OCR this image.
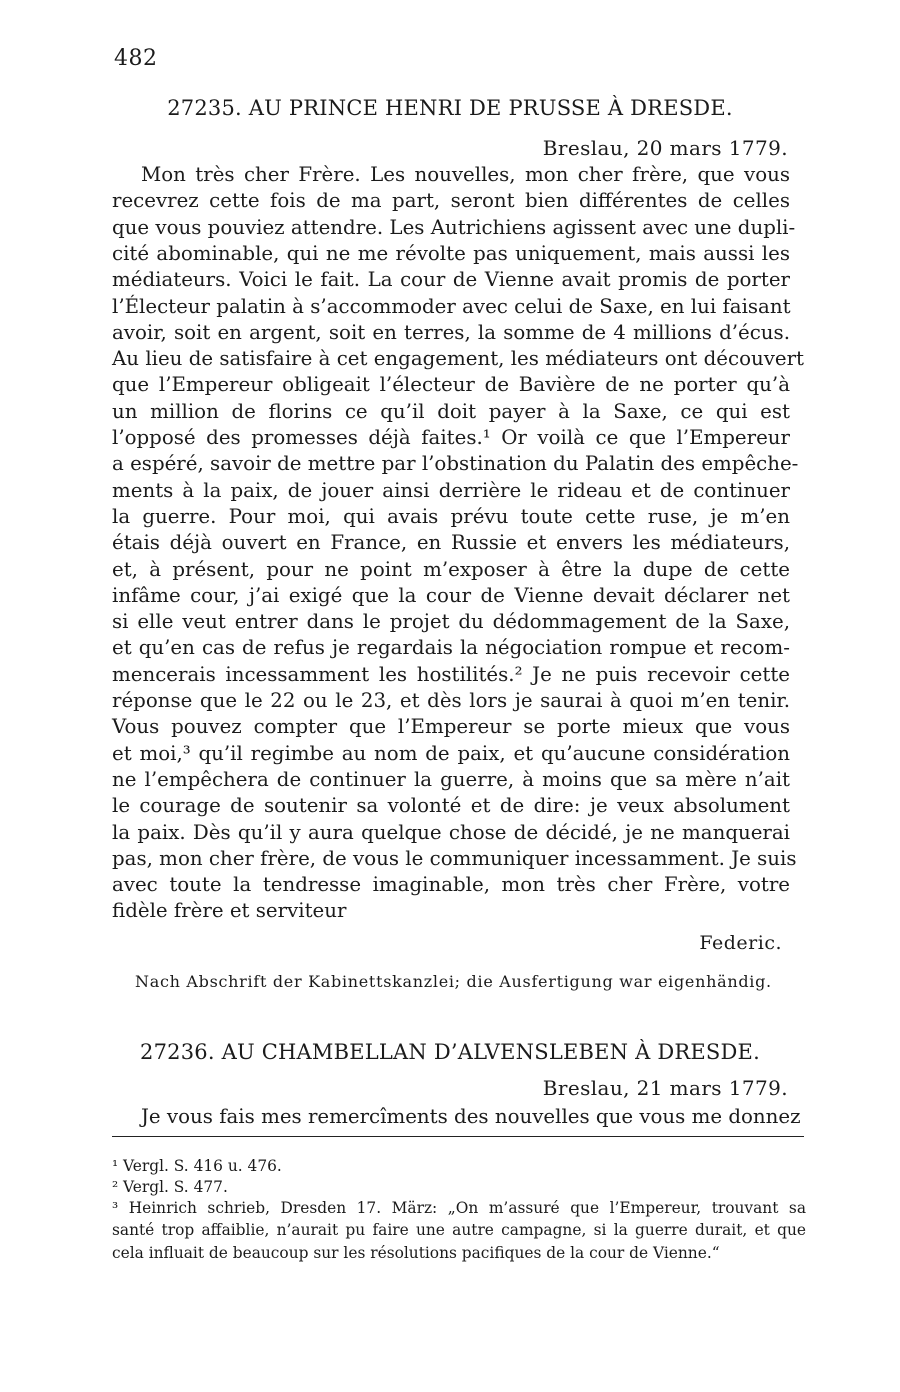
482
27235. AU PRINCE HENRI DE PRUSSE À DRESDE.
Breslau, 20 mars 1779.
Mon très cher Frère. Les nouvelles, mon cher frère, que vous
recevrez cette fois de ma part, seront bien différentes de celles
que vous pouviez attendre. Les Autrichiens agissent avec une dupli-
cité abominable, qui ne me révolte pas uniquement, mais aussi les
médiateurs. Voici le fait. La cour de Vienne avait promis de porter
l’Électeur palatin à s’accommoder avec celui de Saxe, en lui faisant
avoir, soit en argent, soit en terres, la somme de 4 millions d’écus.
Au lieu de satisfaire à cet engagement, les médiateurs ont découvert
que l’Empereur obligeait l’électeur de Bavière de ne porter qu’à
un million de florins ce qu’il doit payer à la Saxe, ce qui est
l’opposé des promesses déjà faites.¹ Or voilà ce que l’Empereur
a espéré, savoir de mettre par l’obstination du Palatin des empêche-
ments à la paix, de jouer ainsi derrière le rideau et de continuer
la guerre. Pour moi, qui avais prévu toute cette ruse, je m’en
étais déjà ouvert en France, en Russie et envers les médiateurs,
et, à présent, pour ne point m’exposer à être la dupe de cette
infâme cour, j’ai exigé que la cour de Vienne devait déclarer net
si elle veut entrer dans le projet du dédommagement de la Saxe,
et qu’en cas de refus je regardais la négociation rompue et recom-
mencerais incessamment les hostilités.² Je ne puis recevoir cette
réponse que le 22 ou le 23, et dès lors je saurai à quoi m’en tenir.
Vous pouvez compter que l’Empereur se porte mieux que vous
et moi,³ qu’il regimbe au nom de paix, et qu’aucune considération
ne l’empêchera de continuer la guerre, à moins que sa mère n’ait
le courage de soutenir sa volonté et de dire: je veux absolument
la paix. Dès qu’il y aura quelque chose de décidé, je ne manquerai
pas, mon cher frère, de vous le communiquer incessamment. Je suis
avec toute la tendresse imaginable, mon très cher Frère, votre
fidèle frère et serviteur
Federic.
Nach Abschrift der Kabinettskanzlei; die Ausfertigung war eigenhändig.
27236. AU CHAMBELLAN D’ALVENSLEBEN À DRESDE.
Breslau, 21 mars 1779.
Je vous fais mes remercîments des nouvelles que vous me donnez
¹ Vergl. S. 416 u. 476.
² Vergl. S. 477.
³ Heinrich schrieb, Dresden 17. März: „On m’assuré que l’Empereur, trouvant sa
santé trop affaiblie, n’aurait pu faire une autre campagne, si la guerre durait, et que
cela influait de beaucoup sur les résolutions pacifiques de la cour de Vienne.“
